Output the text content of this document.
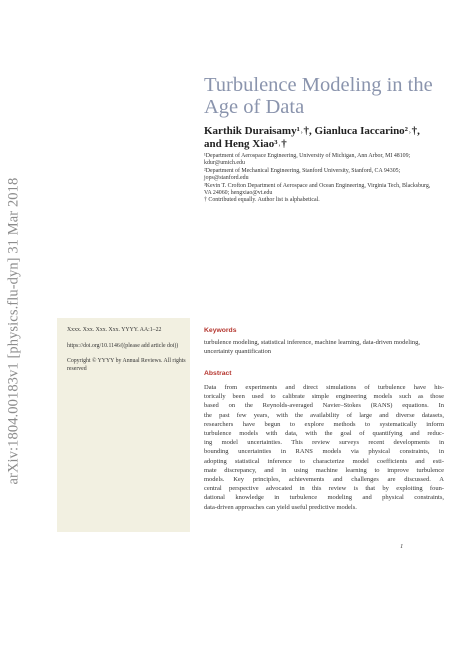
arXiv:1804.00183v1 [physics.flu-dyn] 31 Mar 2018
Turbulence Modeling in the
Age of Data
Karthik Duraisamy¹˒†, Gianluca Iaccarino²˒†,
and Heng Xiao³˒†

¹Department of Aerospace Engineering, University of Michigan, Ann Arbor, MI 48109; kdur@umich.edu

²Department of Mechanical Engineering, Stanford University, Stanford, CA 94305; jops@stanford.edu

³Kevin T. Crofton Department of Aerospace and Ocean Engineering, Virginia Tech, Blacksburg, VA 24060; hengxiao@vt.edu

† Contributed equally. Author list is alphabetical.

Xxxx. Xxx. Xxx. Xxx. YYYY. AA:1–22

https://doi.org/10.1146/((please add article doi))

Copyright © YYYY by Annual Reviews. All rights reserved

Keywords
turbulence modeling, statistical inference, machine learning, data-driven modeling, uncertainty quantification
Abstract
Data from experiments and direct simulations of turbulence have his-
torically been used to calibrate simple engineering models such as those
based on the Reynolds-averaged Navier–Stokes (RANS) equations. In
the past few years, with the availability of large and diverse datasets,
researchers have begun to explore methods to systematically inform
turbulence models with data, with the goal of quantifying and reduc-
ing model uncertainties. This review surveys recent developments in
bounding uncertainties in RANS models via physical constraints, in
adopting statistical inference to characterize model coefficients and esti-
mate discrepancy, and in using machine learning to improve turbulence
models. Key principles, achievements and challenges are discussed. A
central perspective advocated in this review is that by exploiting foun-
dational knowledge in turbulence modeling and physical constraints,
data-driven approaches can yield useful predictive models.
1
